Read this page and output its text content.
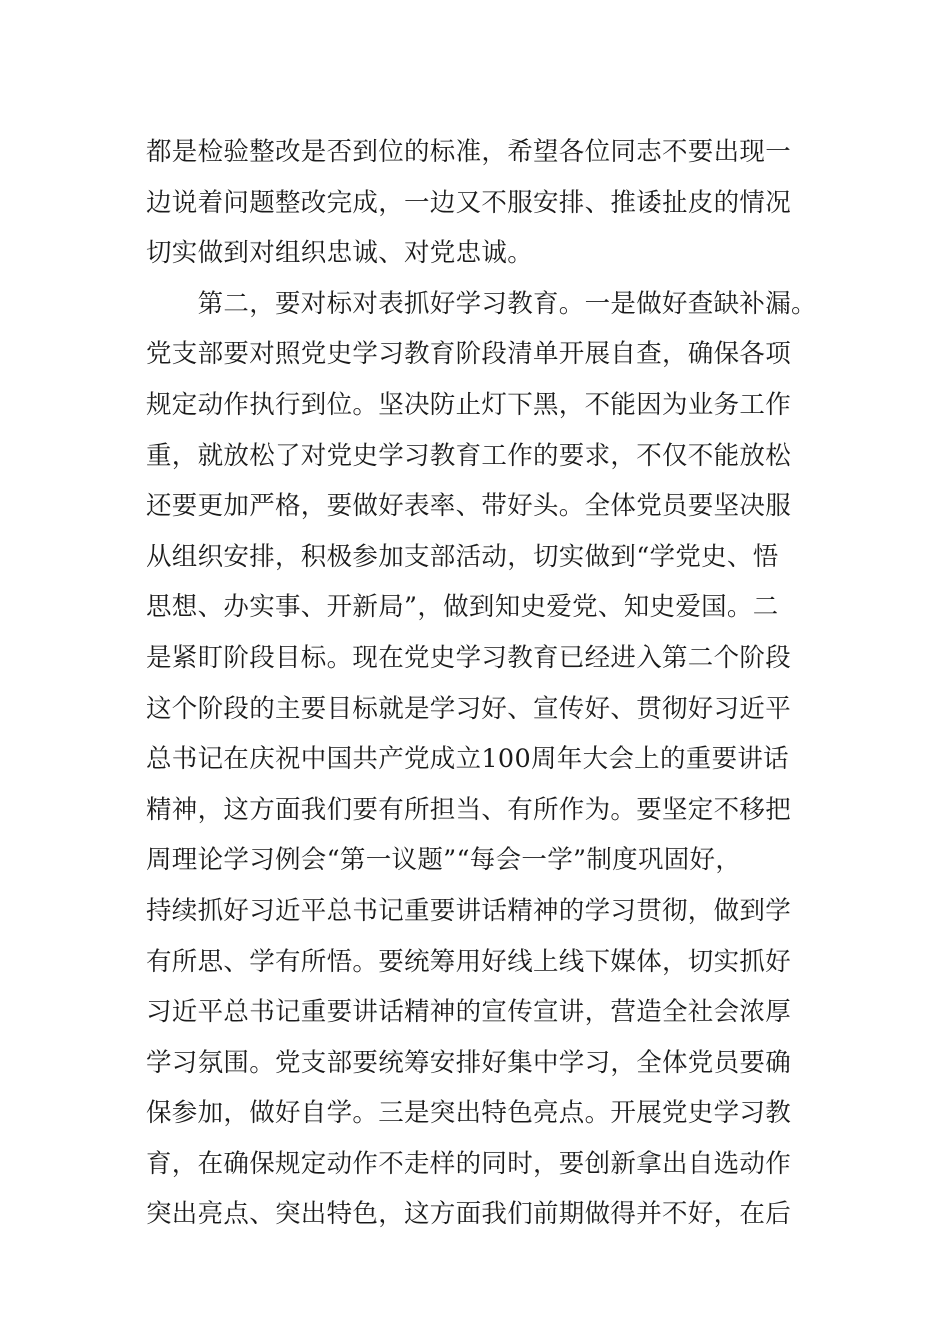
都是检验整改是否到位的标准，希望各位同志不要出现一
边说着问题整改完成，一边又不服安排、推诿扯皮的情况
切实做到对组织忠诚、对党忠诚。
　　第二，要对标对表抓好学习教育。一是做好查缺补漏。
党支部要对照党史学习教育阶段清单开展自查，确保各项
规定动作执行到位。坚决防止灯下黑，不能因为业务工作
重，就放松了对党史学习教育工作的要求，不仅不能放松
还要更加严格，要做好表率、带好头。全体党员要坚决服
从组织安排，积极参加支部活动，切实做到“学党史、悟
思想、办实事、开新局”，做到知史爱党、知史爱国。二
是紧盯阶段目标。现在党史学习教育已经进入第二个阶段
这个阶段的主要目标就是学习好、宣传好、贯彻好习近平
总书记在庆祝中国共产党成立100周年大会上的重要讲话
精神，这方面我们要有所担当、有所作为。要坚定不移把
周理论学习例会“第一议题”“每会一学”制度巩固好，
持续抓好习近平总书记重要讲话精神的学习贯彻，做到学
有所思、学有所悟。要统筹用好线上线下媒体，切实抓好
习近平总书记重要讲话精神的宣传宣讲，营造全社会浓厚
学习氛围。党支部要统筹安排好集中学习，全体党员要确
保参加，做好自学。三是突出特色亮点。开展党史学习教
育，在确保规定动作不走样的同时，要创新拿出自选动作
突出亮点、突出特色，这方面我们前期做得并不好，在后
